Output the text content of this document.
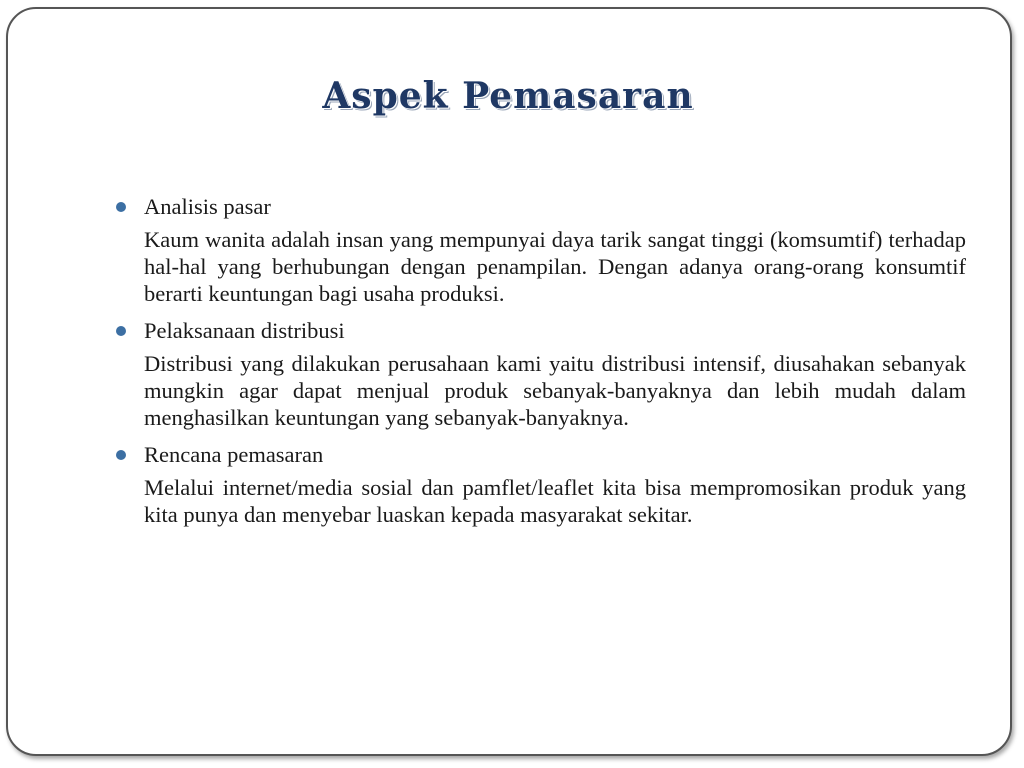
Aspek Pemasaran
Analisis pasar
Kaum wanita adalah insan yang mempunyai daya tarik sangat tinggi (komsumtif) terhadap hal-hal yang berhubungan dengan penampilan. Dengan adanya orang-orang konsumtif berarti keuntungan bagi usaha produksi.
Pelaksanaan distribusi
Distribusi yang dilakukan perusahaan kami yaitu distribusi intensif, diusahakan sebanyak mungkin agar dapat menjual produk sebanyak-banyaknya dan lebih mudah dalam menghasilkan keuntungan yang sebanyak-banyaknya.
Rencana pemasaran
Melalui internet/media sosial dan pamflet/leaflet kita bisa mempromosikan produk yang kita punya dan menyebar luaskan kepada masyarakat sekitar.
